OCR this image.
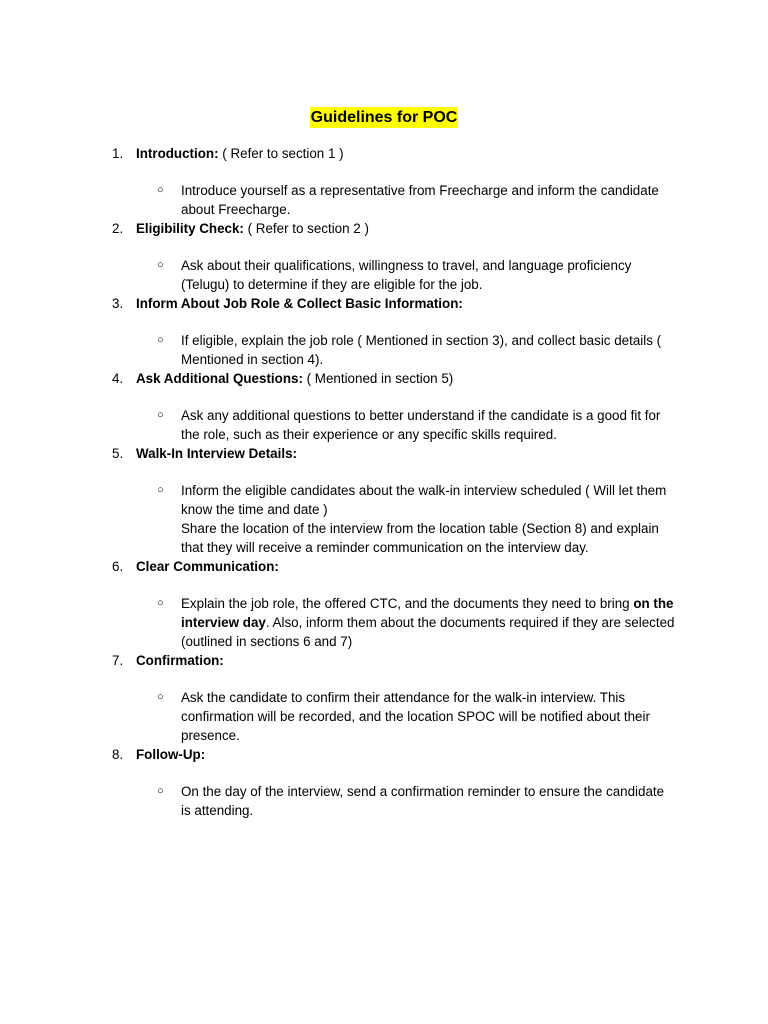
Guidelines for POC
1. Introduction: ( Refer to section 1 )
○ Introduce yourself as a representative from Freecharge and inform the candidate about Freecharge.
2. Eligibility Check: ( Refer to section 2 )
○ Ask about their qualifications, willingness to travel, and language proficiency (Telugu) to determine if they are eligible for the job.
3. Inform About Job Role & Collect Basic Information:
○ If eligible, explain the job role ( Mentioned in section 3), and collect basic details ( Mentioned in section 4).
4. Ask Additional Questions: ( Mentioned in section 5)
○ Ask any additional questions to better understand if the candidate is a good fit for the role, such as their experience or any specific skills required.
5. Walk-In Interview Details:
○ Inform the eligible candidates about the walk-in interview scheduled ( Will let them know the time and date )
Share the location of the interview from the location table (Section 8) and explain that they will receive a reminder communication on the interview day.
6. Clear Communication:
○ Explain the job role, the offered CTC, and the documents they need to bring on the interview day. Also, inform them about the documents required if they are selected (outlined in sections 6 and 7)
7. Confirmation:
○ Ask the candidate to confirm their attendance for the walk-in interview. This confirmation will be recorded, and the location SPOC will be notified about their presence.
8. Follow-Up:
○ On the day of the interview, send a confirmation reminder to ensure the candidate is attending.
